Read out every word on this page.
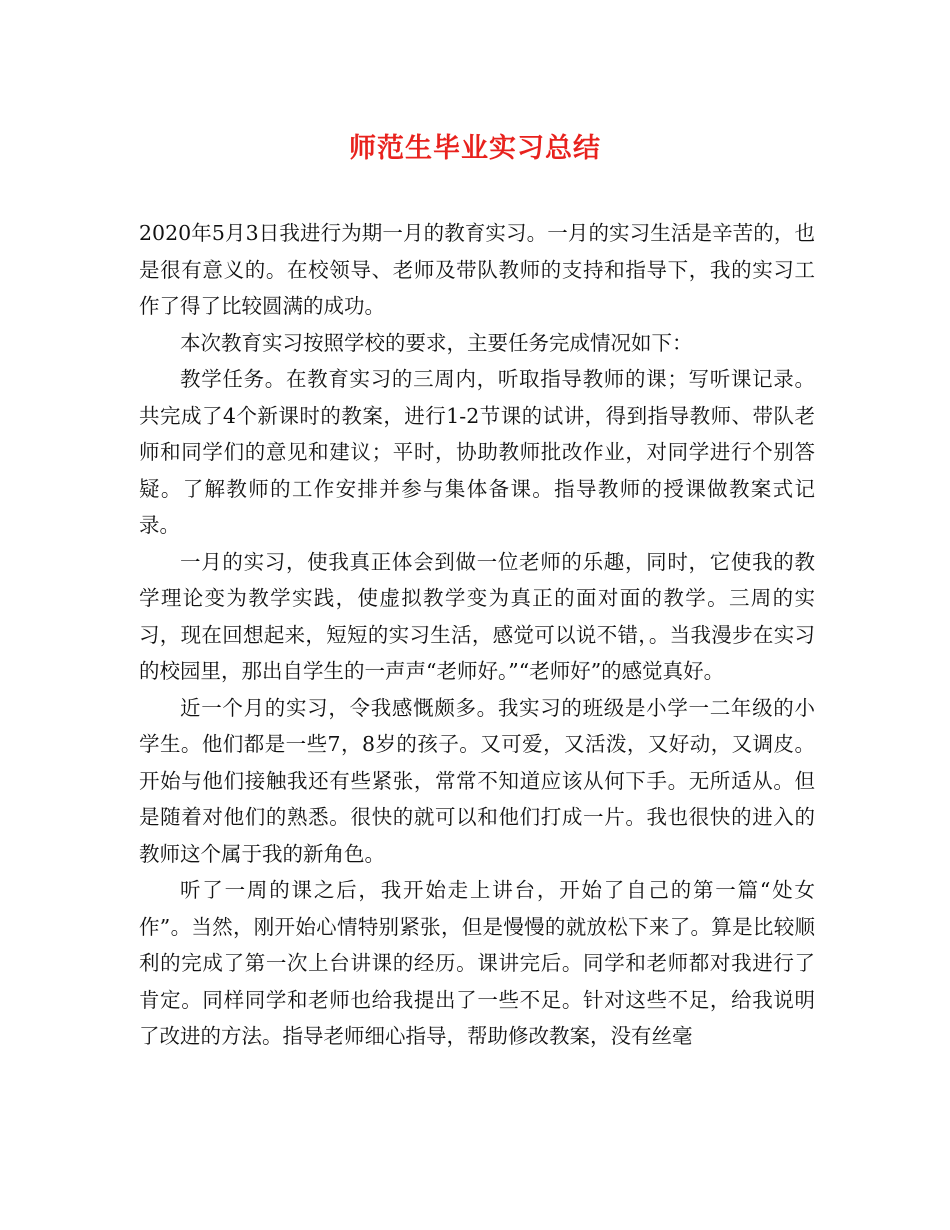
师范生毕业实习总结

2020年5月3日我进行为期一月的教育实习。一月的实习生活是辛苦的，也是很有意义的。在校领导、老师及带队教师的支持和指导下，我的实习工作了得了比较圆满的成功。

本次教育实习按照学校的要求，主要任务完成情况如下：

教学任务。在教育实习的三周内，听取指导教师的课；写听课记录。共完成了4个新课时的教案，进行1-2节课的试讲，得到指导教师、带队老师和同学们的意见和建议；平时，协助教师批改作业，对同学进行个别答疑。了解教师的工作安排并参与集体备课。指导教师的授课做教案式记录。

一月的实习，使我真正体会到做一位老师的乐趣，同时，它使我的教学理论变为教学实践，使虚拟教学变为真正的面对面的教学。三周的实习，现在回想起来，短短的实习生活，感觉可以说不错，。当我漫步在实习的校园里，那出自学生的一声声“老师好。”“老师好”的感觉真好。

近一个月的实习，令我感慨颇多。我实习的班级是小学一二年级的小学生。他们都是一些7，8岁的孩子。又可爱，又活泼，又好动，又调皮。开始与他们接触我还有些紧张，常常不知道应该从何下手。无所适从。但是随着对他们的熟悉。很快的就可以和他们打成一片。我也很快的进入的教师这个属于我的新角色。

听了一周的课之后，我开始走上讲台，开始了自己的第一篇“处女作”。当然，刚开始心情特别紧张，但是慢慢的就放松下来了。算是比较顺利的完成了第一次上台讲课的经历。课讲完后。同学和老师都对我进行了肯定。同样同学和老师也给我提出了一些不足。针对这些不足，给我说明了改进的方法。指导老师细心指导，帮助修改教案，没有丝毫
